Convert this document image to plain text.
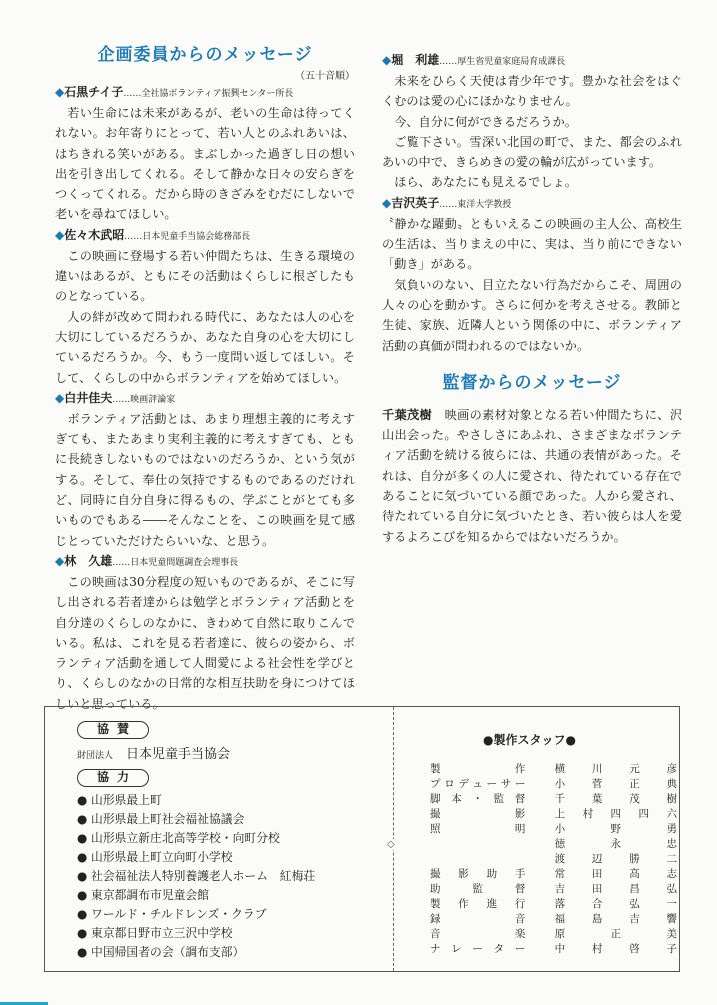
企画委員からのメッセージ
（五十音順）
◆石黒チイ子……全社協ボランティア振興センター所長

若い生命には未来があるが、老いの生命は待ってくれない。お年寄りにとって、若い人とのふれあいは、はちきれる笑いがある。まぶしかった過ぎし日の想い出を引き出してくれる。そして静かな日々の安らぎをつくってくれる。だから時のきざみをむだにしないで老いを尋ねてほしい。

◆佐々木武昭……日本児童手当協会総務部長

この映画に登場する若い仲間たちは、生きる環境の違いはあるが、ともにその活動はくらしに根ざしたものとなっている。

人の絆が改めて問われる時代に、あなたは人の心を大切にしているだろうか、あなた自身の心を大切にしているだろうか。今、もう一度問い返してほしい。そして、くらしの中からボランティアを始めてほしい。

◆白井佳夫……映画評論家

ボランティア活動とは、あまり理想主義的に考えすぎても、またあまり実利主義的に考えすぎても、ともに長続きしないものではないのだろうか、という気がする。そして、奉仕の気持でするものであるのだけれど、同時に自分自身に得るもの、学ぶことがとても多いものでもある――そんなことを、この映画を見て感じとっていただけたらいいな、と思う。

◆林　久雄……日本児童問題調査会理事長

この映画は30分程度の短いものであるが、そこに写し出される若者達からは勉学とボランティア活動とを自分達のくらしのなかに、きわめて自然に取りこんでいる。私は、これを見る若者達に、彼らの姿から、ボランティア活動を通して人間愛による社会性を学びとり、くらしのなかの日常的な相互扶助を身につけてほしいと思っている。

◆堀　利雄……厚生省児童家庭局育成課長

未来をひらく天使は青少年です。豊かな社会をはぐくむのは愛の心にほかなりません。

今、自分に何ができるだろうか。

ご覧下さい。雪深い北国の町で、また、都会のふれあいの中で、きらめきの愛の輪が広がっています。

ほら、あなたにも見えるでしょ。

◆吉沢英子……東洋大学教授

〝静かな躍動〟ともいえるこの映画の主人公、高校生の生活は、当りまえの中に、実は、当り前にできない「動き」がある。

気負いのない、目立たない行為だからこそ、周囲の人々の心を動かす。さらに何かを考えさせる。教師と生徒、家族、近隣人という関係の中に、ボランティア活動の真価が問われるのではないか。

監督からのメッセージ

千葉茂樹　 映画の素材対象となる若い仲間たちに、沢山出会った。やさしさにあふれ、さまざまなボランティア活動を続ける彼らには、共通の表情があった。それは、自分が多くの人に愛され、待たれている存在であることに気づいている顔であった。人から愛され、待たれている自分に気づいたとき、若い彼らは人を愛するよろこびを知るからではないだろうか。

協賛
財団法人　 日本児童手当協会
協力
● 山形県最上町
● 山形県最上町社会福祉協議会
● 山形県立新庄北高等学校・向町分校
● 山形県最上町立向町小学校
● 社会福祉法人特別養護老人ホーム　紅梅荘
● 東京都調布市児童会館
● ワールド・チルドレンズ・クラブ
● 東京都日野市立三沢中学校
● 中国帰国者の会（調布支部）
◇
●製作スタッフ●
製作		横川元彦
プロデューサー		小菅正典
脚本・監督		千葉茂樹
撮影		上村四四六
照明		小野勇
		徳永忠
		渡辺勝二
撮影助手		常田高志
助監督		吉田昌弘
製作進行		落合弘一
録音		福島吉響
音楽		原正美
ナレーター		中村啓子
